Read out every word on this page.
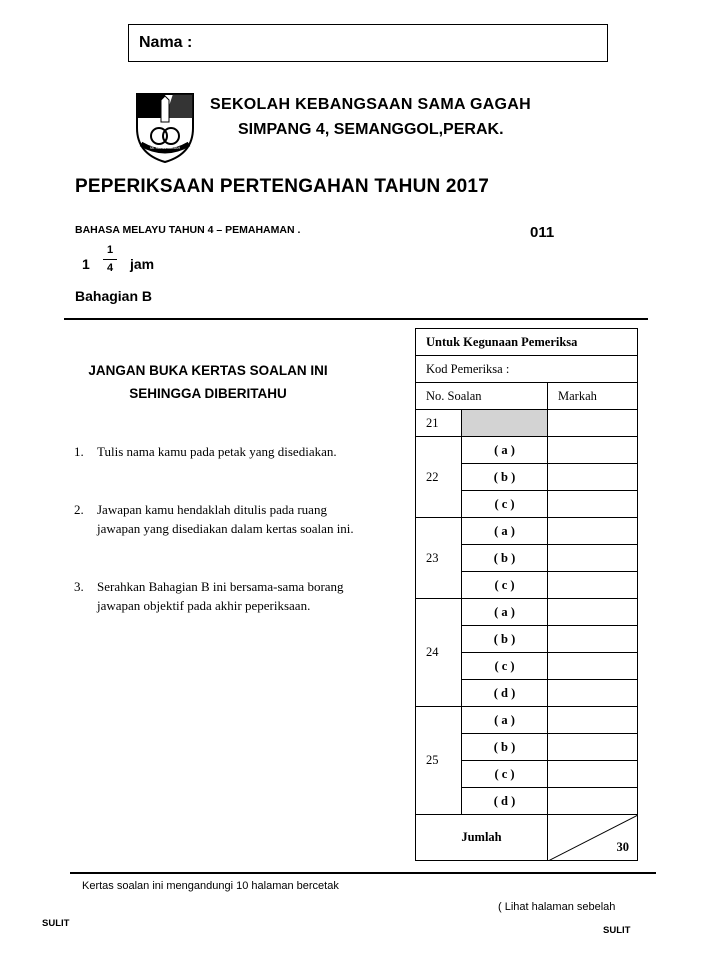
Nama :
SK SAMA GAGAH
SEKOLAH KEBANGSAAN SAMA GAGAH
SIMPANG 4, SEMANGGOL,PERAK.
PEPERIKSAAN PERTENGAHAN TAHUN 2017
BAHASA MELAYU TAHUN 4 – PEMAHAMAN .	011
1
1
4 jam
Bahagian B
JANGAN BUKA KERTAS SOALAN INI
SEHINGGA DIBERITAHU
1. Tulis nama kamu pada petak yang disediakan.
2. Jawapan kamu hendaklah ditulis pada ruang jawapan yang disediakan dalam kertas soalan ini.
3. Serahkan Bahagian B ini bersama-sama borang jawapan objektif pada akhir peperiksaan.
Untuk Kegunaan Pemeriksa		
Kod Pemeriksa :		
No. Soalan		Markah
21		
22	( a )	
	( b )	
	( c )	
23	( a )	
	( b )	
	( c )	
24	( a )	
	( b )	
	( c )	
	( d )	
25	( a )	
	( b )	
	( c )	
	( d )	
Jumlah		30
Kertas soalan ini mengandungi 10 halaman bercetak
( Lihat halaman sebelah
SULIT
SULIT
